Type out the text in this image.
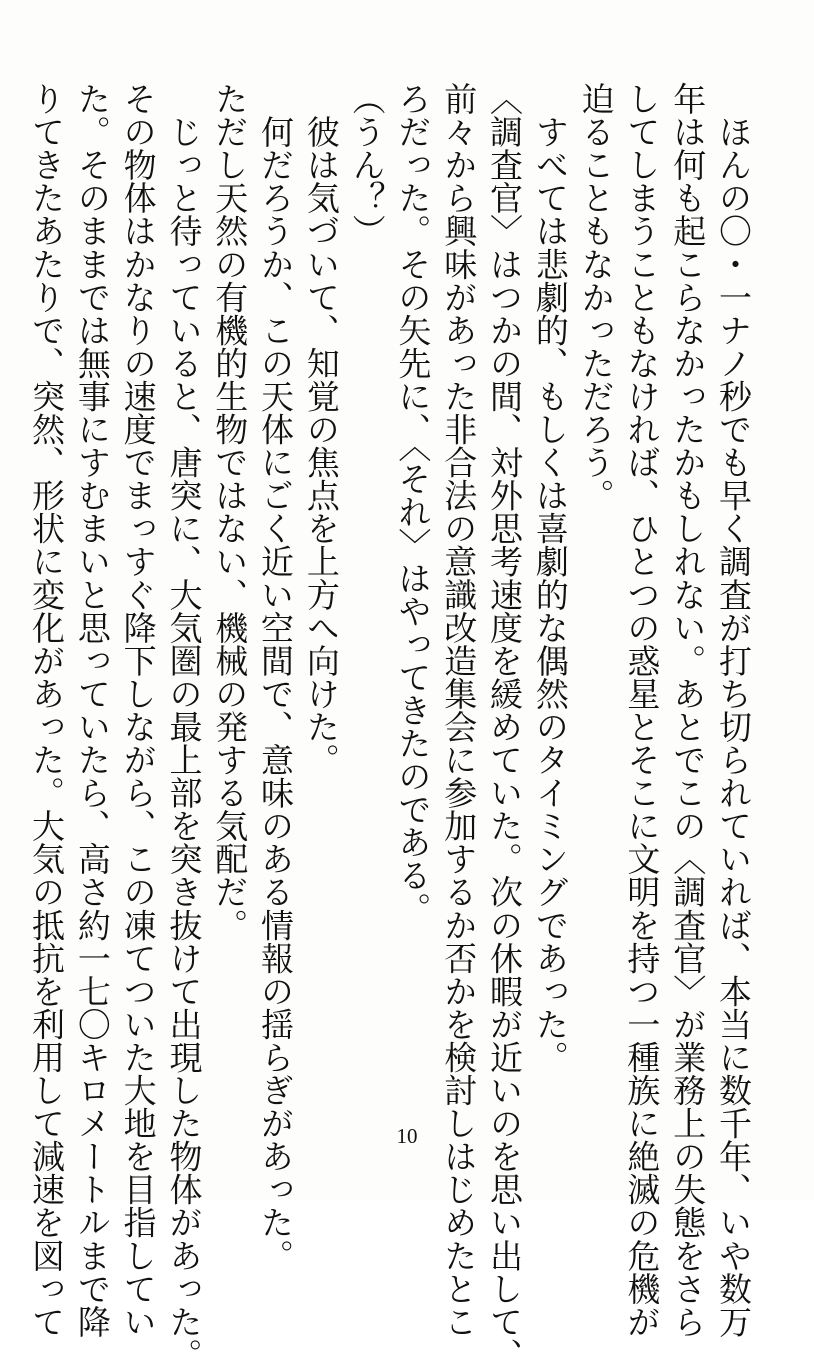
　ほんの〇・一ナノ秒でも早く調査が打ち切られていれば、本当に数千年、いや数万
年は何も起こらなかったかもしれない。あとでこの〈調査官〉が業務上の失態をさら
してしまうこともなければ、ひとつの惑星とそこに文明を持つ一種族に絶滅の危機が
迫ることもなかっただろう。
　すべては悲劇的、もしくは喜劇的な偶然のタイミングであった。
〈調査官〉はつかの間、対外思考速度を緩めていた。次の休暇が近いのを思い出して、
前々から興味があった非合法の意識改造集会に参加するか否かを検討しはじめたとこ
ろだった。その矢先に、〈それ〉はやってきたのである。
（うん？）
　彼は気づいて、知覚の焦点を上方へ向けた。
　何だろうか、この天体にごく近い空間で、意味のある情報の揺らぎがあった。
ただし天然の有機的生物ではない、機械の発する気配だ。
　じっと待っていると、唐突に、大気圏の最上部を突き抜けて出現した物体があった。
その物体はかなりの速度でまっすぐ降下しながら、この凍てついた大地を目指してい
た。そのままでは無事にすむまいと思っていたら、高さ約一七〇キロメートルまで降
りてきたあたりで、突然、形状に変化があった。大気の抵抗を利用して減速を図って	10
